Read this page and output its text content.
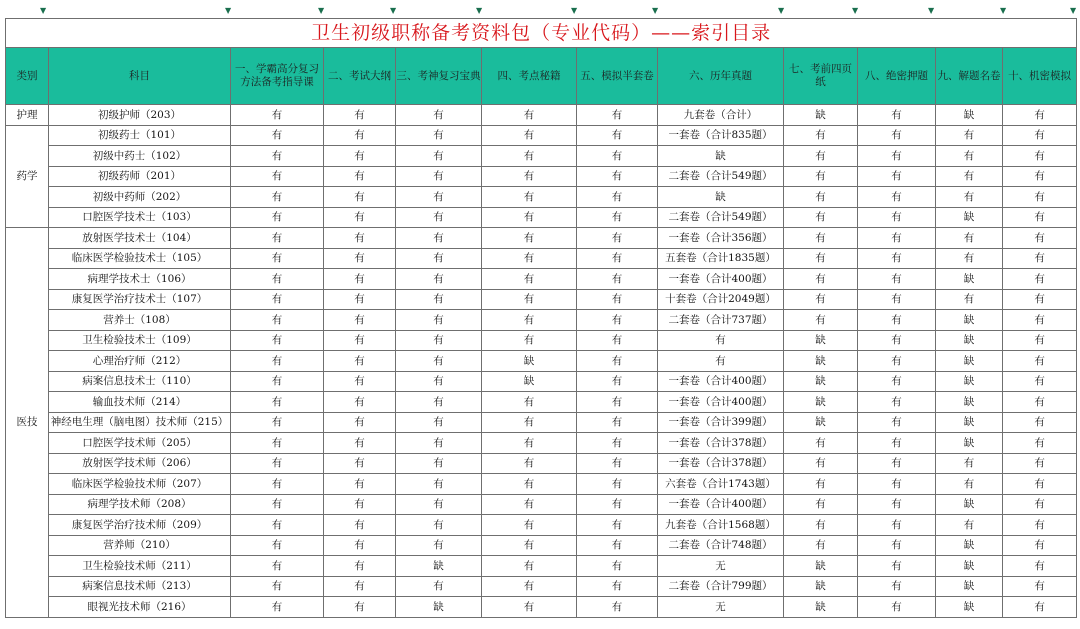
▼	▼	▼	▼	▼	▼	▼	▼	▼	▼	▼	▼
卫生初级职称备考资料包（专业代码）——索引目录											
类别	科目	一、学霸高分复习方法备考指导课	二、考试大纲	三、考神复习宝典	四、考点秘籍	五、模拟半套卷	六、历年真题	七、考前四页纸	八、绝密押题	九、解题名卷	十、机密模拟
护理	初级护师（203）	有	有	有	有	有	九套卷（合计）	缺	有	缺	有
药学	初级药士（101）	有	有	有	有	有	一套卷（合计835题）	有	有	有	有
	初级中药士（102）	有	有	有	有	有	缺	有	有	有	有
	初级药师（201）	有	有	有	有	有	二套卷（合计549题）	有	有	有	有
	初级中药师（202）	有	有	有	有	有	缺	有	有	有	有
	口腔医学技术士（103）	有	有	有	有	有	二套卷（合计549题）	有	有	缺	有
医技	放射医学技术士（104）	有	有	有	有	有	一套卷（合计356题）	有	有	有	有
	临床医学检验技术士（105）	有	有	有	有	有	五套卷（合计1835题）	有	有	有	有
	病理学技术士（106）	有	有	有	有	有	一套卷（合计400题）	有	有	缺	有
	康复医学治疗技术士（107）	有	有	有	有	有	十套卷（合计2049题）	有	有	有	有
	营养士（108）	有	有	有	有	有	二套卷（合计737题）	有	有	缺	有
	卫生检验技术士（109）	有	有	有	有	有	有	缺	有	缺	有
	心理治疗师（212）	有	有	有	缺	有	有	缺	有	缺	有
	病案信息技术士（110）	有	有	有	缺	有	一套卷（合计400题）	缺	有	缺	有
	输血技术师（214）	有	有	有	有	有	一套卷（合计400题）	缺	有	缺	有
	神经电生理（脑电图）技术师（215）	有	有	有	有	有	一套卷（合计399题）	缺	有	缺	有
	口腔医学技术师（205）	有	有	有	有	有	一套卷（合计378题）	有	有	缺	有
	放射医学技术师（206）	有	有	有	有	有	一套卷（合计378题）	有	有	有	有
	临床医学检验技术师（207）	有	有	有	有	有	六套卷（合计1743题）	有	有	有	有
	病理学技术师（208）	有	有	有	有	有	一套卷（合计400题）	有	有	缺	有
	康复医学治疗技术师（209）	有	有	有	有	有	九套卷（合计1568题）	有	有	有	有
	营养师（210）	有	有	有	有	有	二套卷（合计748题）	有	有	缺	有
	卫生检验技术师（211）	有	有	缺	有	有	无	缺	有	缺	有
	病案信息技术师（213）	有	有	有	有	有	二套卷（合计799题）	缺	有	缺	有
	眼视光技术师（216）	有	有	缺	有	有	无	缺	有	缺	有
